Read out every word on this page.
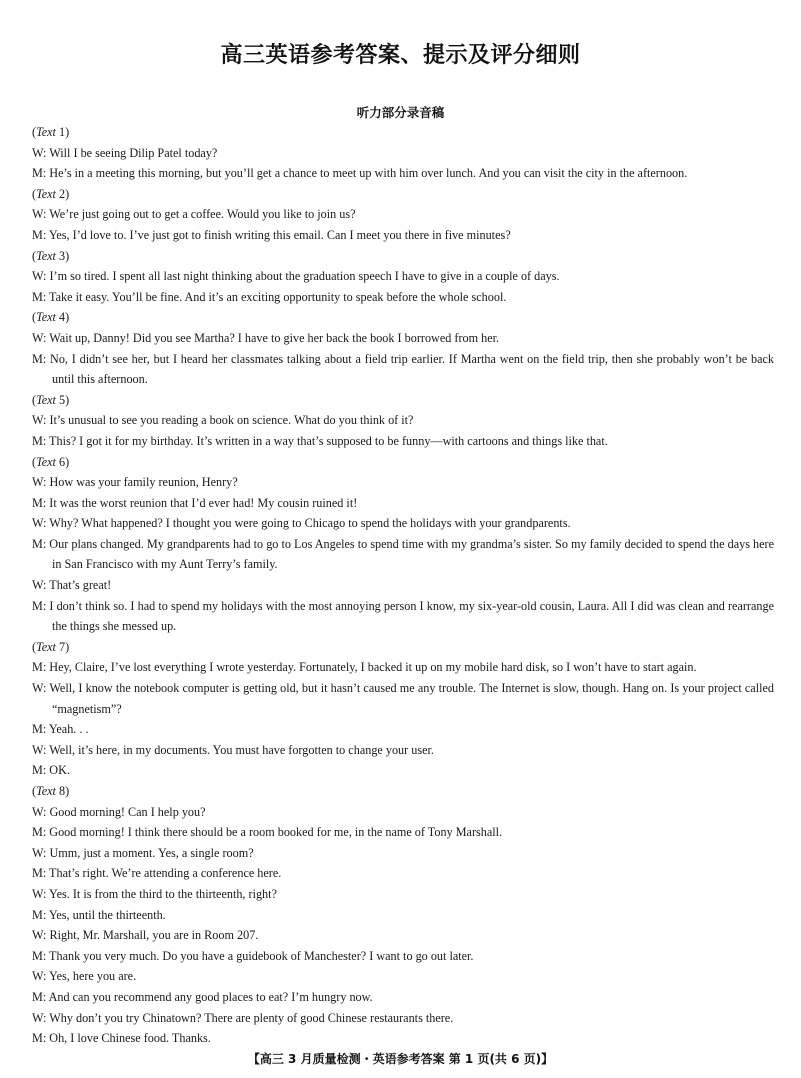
高三英语参考答案、提示及评分细则
听力部分录音稿
(Text 1)
W: Will I be seeing Dilip Patel today?
M: He’s in a meeting this morning, but you’ll get a chance to meet up with him over lunch. And you can visit the city in the afternoon.
(Text 2)
W: We’re just going out to get a coffee. Would you like to join us?
M: Yes, I’d love to. I’ve just got to finish writing this email. Can I meet you there in five minutes?
(Text 3)
W: I’m so tired. I spent all last night thinking about the graduation speech I have to give in a couple of days.
M: Take it easy. You’ll be fine. And it’s an exciting opportunity to speak before the whole school.
(Text 4)
W: Wait up, Danny! Did you see Martha? I have to give her back the book I borrowed from her.
M: No, I didn’t see her, but I heard her classmates talking about a field trip earlier. If Martha went on the field trip, then she probably won’t be back until this afternoon.
(Text 5)
W: It’s unusual to see you reading a book on science. What do you think of it?
M: This? I got it for my birthday. It’s written in a way that’s supposed to be funny—with cartoons and things like that.
(Text 6)
W: How was your family reunion, Henry?
M: It was the worst reunion that I’d ever had! My cousin ruined it!
W: Why? What happened? I thought you were going to Chicago to spend the holidays with your grandparents.
M: Our plans changed. My grandparents had to go to Los Angeles to spend time with my grandma’s sister. So my family decided to spend the days here in San Francisco with my Aunt Terry’s family.
W: That’s great!
M: I don’t think so. I had to spend my holidays with the most annoying person I know, my six-year-old cousin, Laura. All I did was clean and rearrange the things she messed up.
(Text 7)
M: Hey, Claire, I’ve lost everything I wrote yesterday. Fortunately, I backed it up on my mobile hard disk, so I won’t have to start again.
W: Well, I know the notebook computer is getting old, but it hasn’t caused me any trouble. The Internet is slow, though. Hang on. Is your project called “magnetism”?
M: Yeah. . .
W: Well, it’s here, in my documents. You must have forgotten to change your user.
M: OK.
(Text 8)
W: Good morning! Can I help you?
M: Good morning! I think there should be a room booked for me, in the name of Tony Marshall.
W: Umm, just a moment. Yes, a single room?
M: That’s right. We’re attending a conference here.
W: Yes. It is from the third to the thirteenth, right?
M: Yes, until the thirteenth.
W: Right, Mr. Marshall, you are in Room 207.
M: Thank you very much. Do you have a guidebook of Manchester? I want to go out later.
W: Yes, here you are.
M: And can you recommend any good places to eat? I’m hungry now.
W: Why don’t you try Chinatown? There are plenty of good Chinese restaurants there.
M: Oh, I love Chinese food. Thanks.
【高三 3 月质量检测・英语参考答案 第 1 页(共 6 页)】
